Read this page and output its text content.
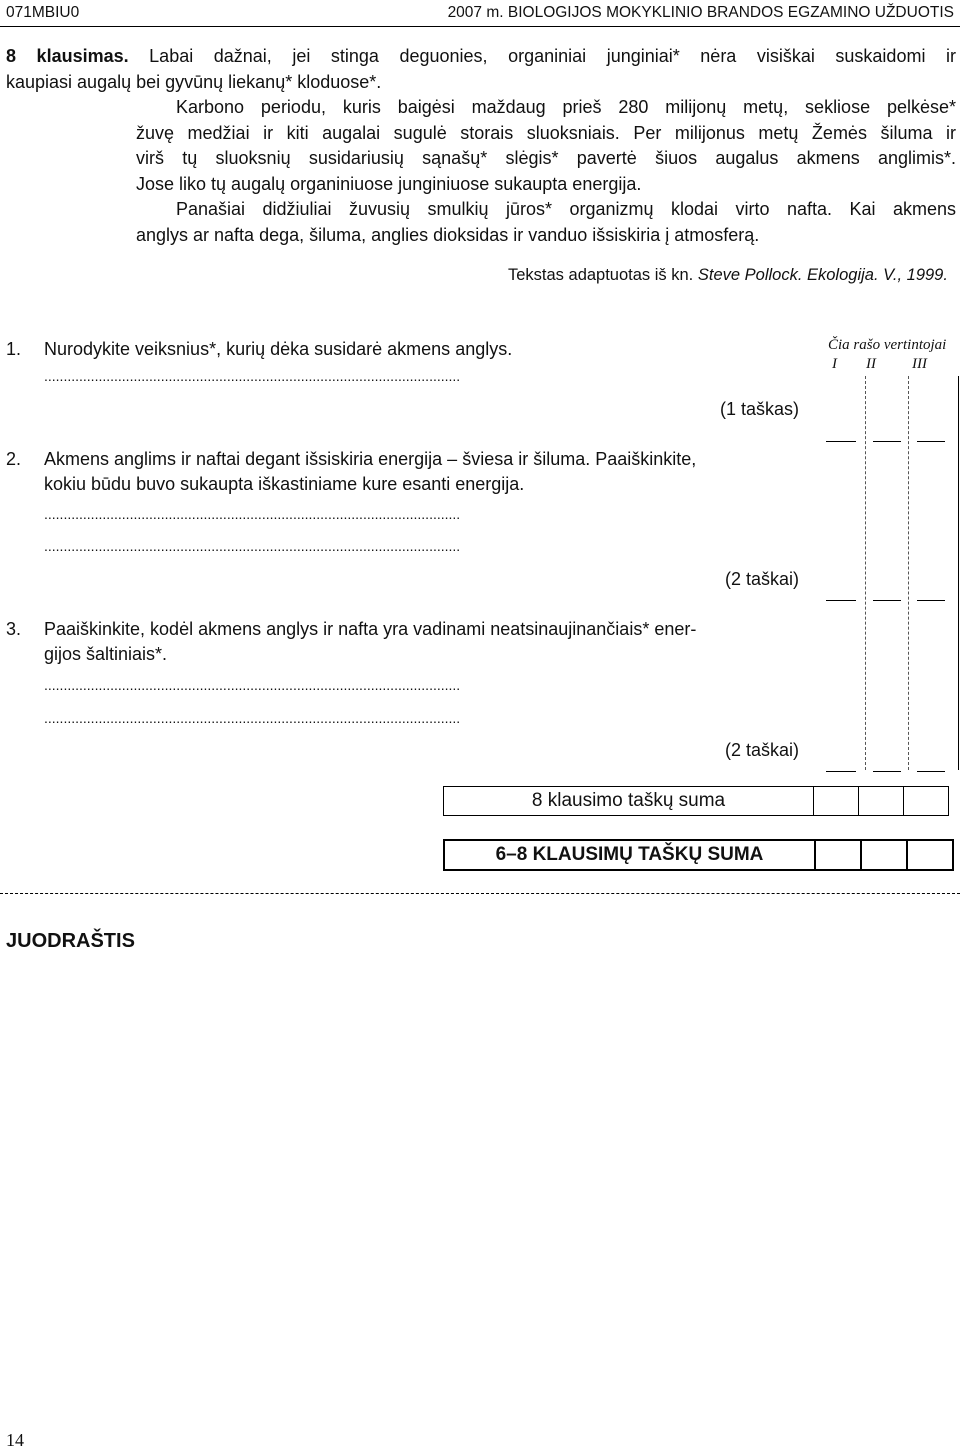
071MBIU0	2007 m. BIOLOGIJOS MOKYKLINIO BRANDOS EGZAMINO UŽDUOTIS
8 klausimas. Labai dažnai, jei stinga deguonies, organiniai junginiai* nėra visiškai suskaidomi ir
kaupiasi augalų bei gyvūnų liekanų* kloduose*.
Karbono periodu, kuris baigėsi maždaug prieš 280 milijonų metų, sekliose pelkėse*
žuvę medžiai ir kiti augalai sugulė storais sluoksniais. Per milijonus metų Žemės šiluma ir
virš tų sluoksnių susidariusių sąnašų* slėgis* pavertė šiuos augalus akmens anglimis*.
Jose liko tų augalų organiniuose junginiuose sukaupta energija.
Panašiai didžiuliai žuvusių smulkių jūros* organizmų klodai virto nafta. Kai akmens
anglys ar nafta dega, šiluma, anglies dioksidas ir vanduo išsiskiria į atmosferą.
Tekstas adaptuotas iš kn. Steve Pollock. Ekologija. V., 1999.
Čia rašo vertintojai
I II III
1. Nurodykite veiksnius*, kurių dėka susidarė akmens anglys.
...........................................................................................................
(1 taškas)
2. Akmens anglims ir naftai degant išsiskiria energija – šviesa ir šiluma. Paaiškinkite,
kokiu būdu buvo sukaupta iškastiniame kure esanti energija.
...........................................................................................................
...........................................................................................................
(2 taškai)
3. Paaiškinkite, kodėl akmens anglys ir nafta yra vadinami neatsinaujinančiais* ener-
gijos šaltiniais*.
...........................................................................................................
...........................................................................................................
(2 taškai)
8 klausimo taškų suma			
6–8 KLAUSIMŲ TAŠKŲ SUMA			
JUODRAŠTIS
14
